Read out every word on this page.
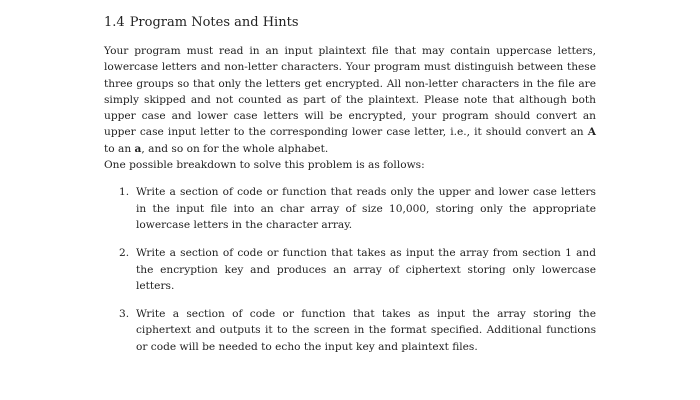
1.4 Program Notes and Hints

Your program must read in an input plaintext file that may contain uppercase letters, lowercase letters and non-letter characters. Your program must distinguish between these three groups so that only the letters get encrypted. All non-letter characters in the file are simply skipped and not counted as part of the plaintext. Please note that although both upper case and lower case letters will be encrypted, your program should convert an upper case input letter to the corresponding lower case letter, i.e., it should convert an A to an a, and so on for the whole alphabet.

One possible breakdown to solve this problem is as follows:

1. Write a section of code or function that reads only the upper and lower case letters in the input file into an char array of size 10,000, storing only the appropriate lowercase letters in the character array.
2. Write a section of code or function that takes as input the array from section 1 and the encryption key and produces an array of ciphertext storing only lowercase letters.
3. Write a section of code or function that takes as input the array storing the ciphertext and outputs it to the screen in the format specified. Additional functions or code will be needed to echo the input key and plaintext files.
